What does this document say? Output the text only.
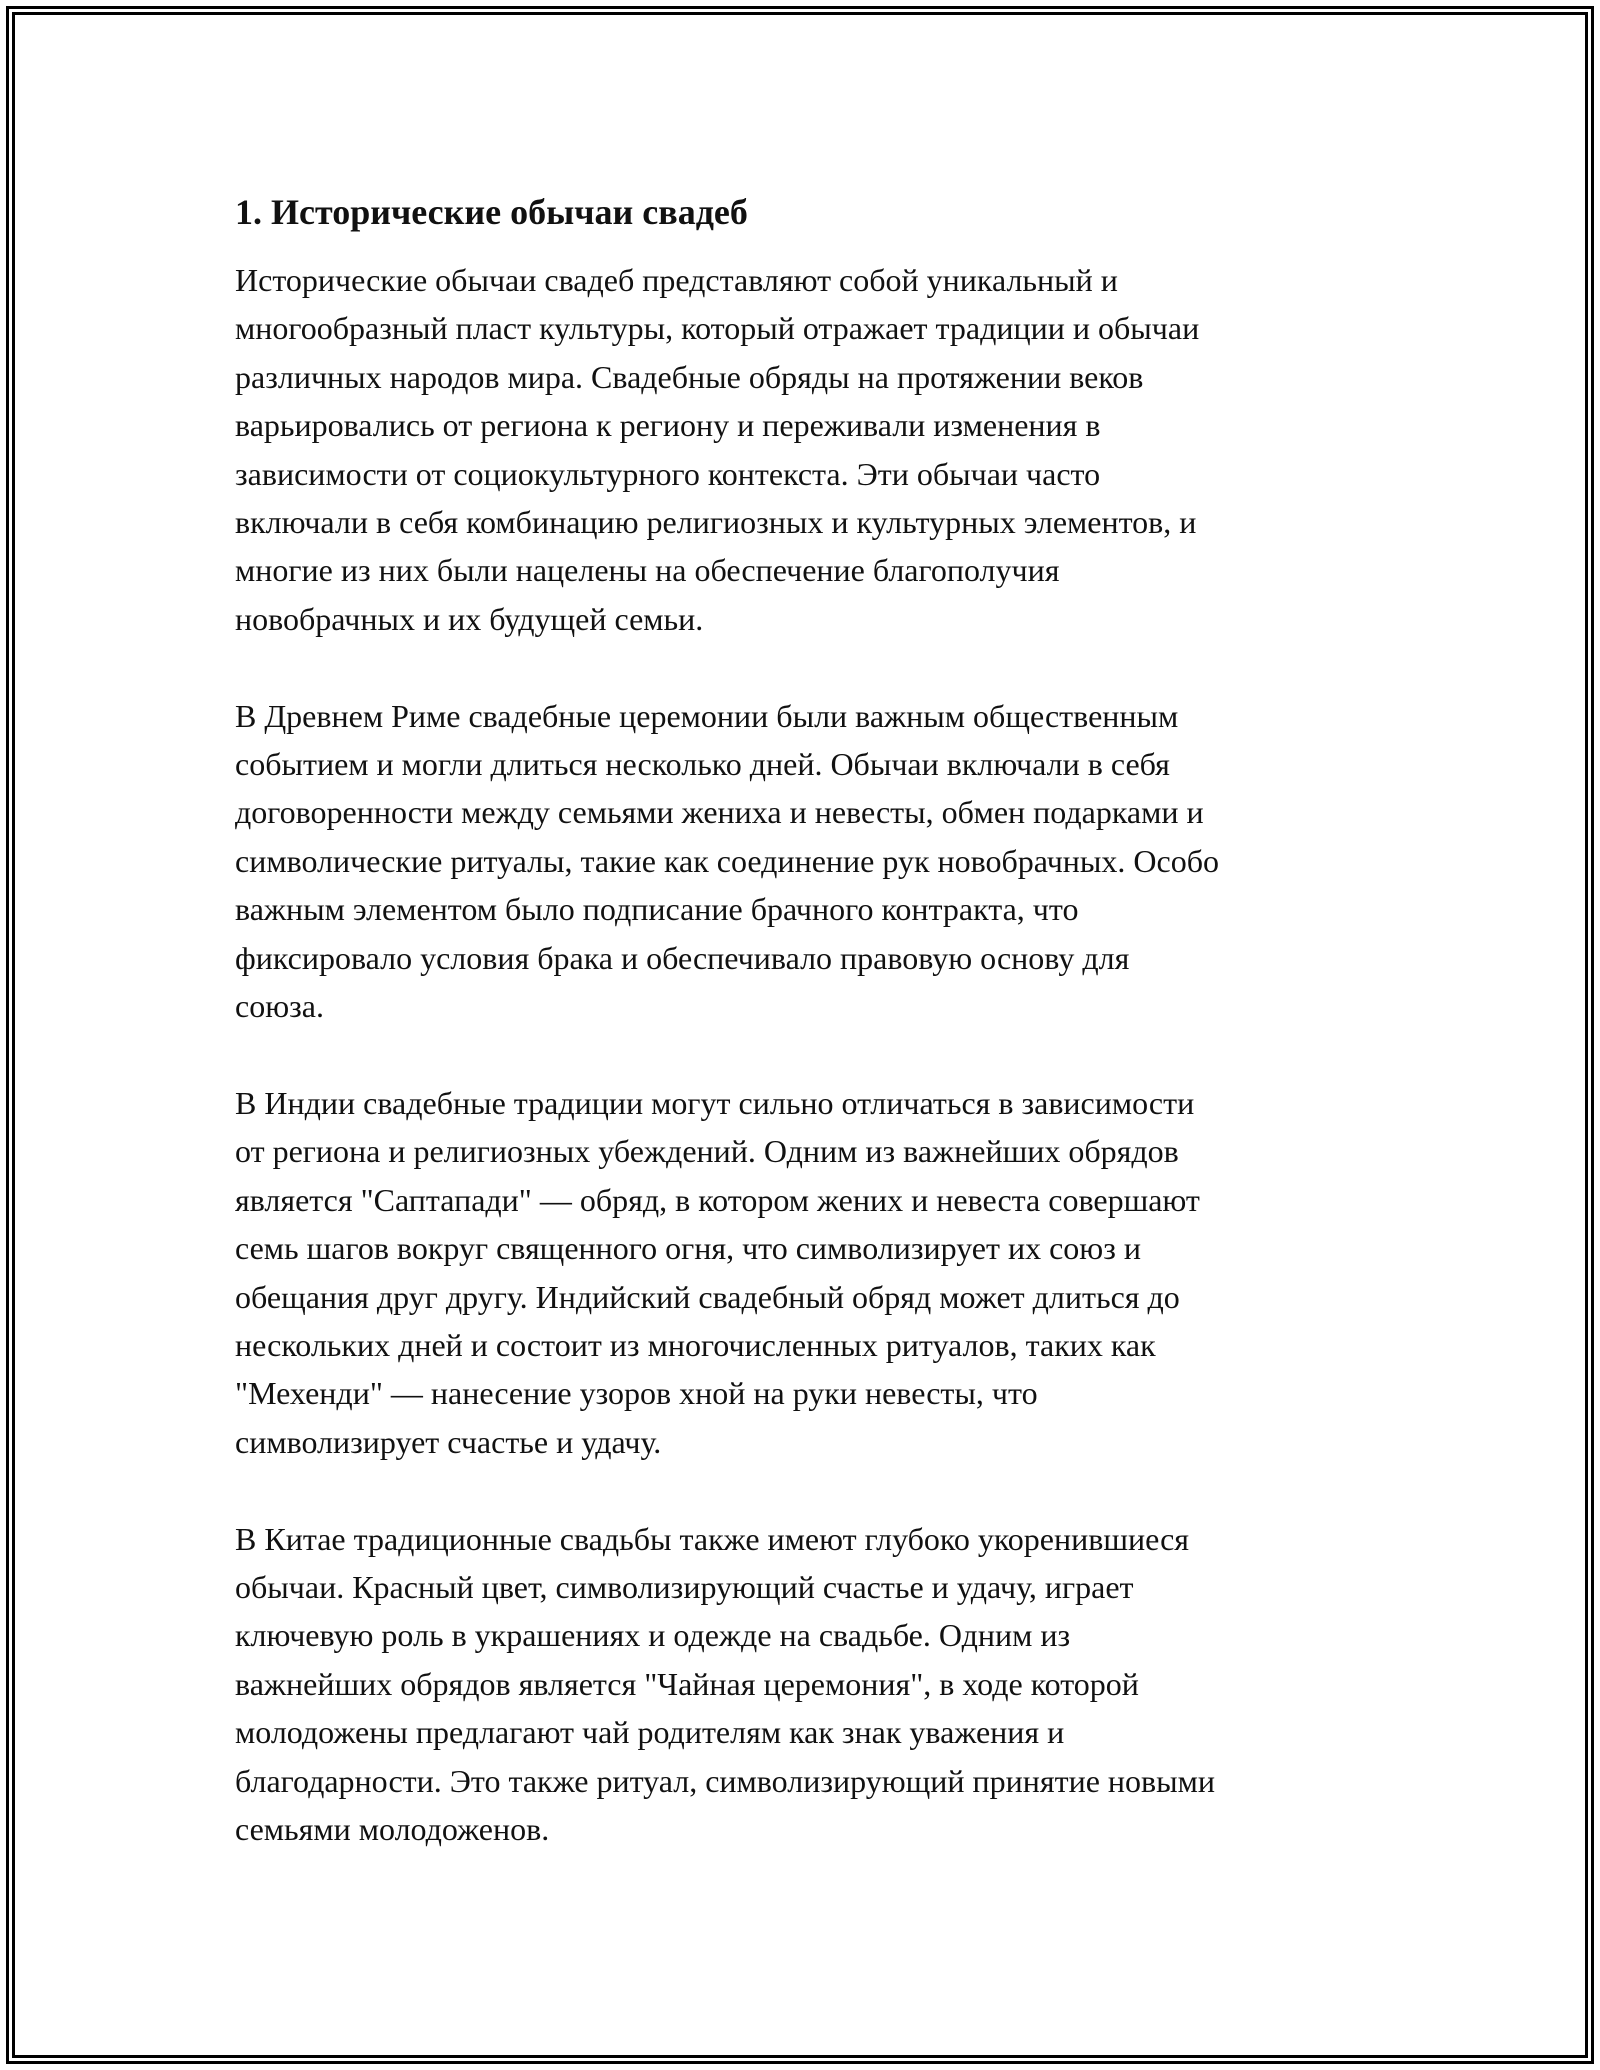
1. Исторические обычаи свадеб

Исторические обычаи свадеб представляют собой уникальный и
многообразный пласт культуры, который отражает традиции и обычаи
различных народов мира. Свадебные обряды на протяжении веков
варьировались от региона к региону и переживали изменения в
зависимости от социокультурного контекста. Эти обычаи часто
включали в себя комбинацию религиозных и культурных элементов, и
многие из них были нацелены на обеспечение благополучия
новобрачных и их будущей семьи.

В Древнем Риме свадебные церемонии были важным общественным
событием и могли длиться несколько дней. Обычаи включали в себя
договоренности между семьями жениха и невесты, обмен подарками и
символические ритуалы, такие как соединение рук новобрачных. Особо
важным элементом было подписание брачного контракта, что
фиксировало условия брака и обеспечивало правовую основу для
союза.

В Индии свадебные традиции могут сильно отличаться в зависимости
от региона и религиозных убеждений. Одним из важнейших обрядов
является "Саптапади" — обряд, в котором жених и невеста совершают
семь шагов вокруг священного огня, что символизирует их союз и
обещания друг другу. Индийский свадебный обряд может длиться до
нескольких дней и состоит из многочисленных ритуалов, таких как
"Мехенди" — нанесение узоров хной на руки невесты, что
символизирует счастье и удачу.

В Китае традиционные свадьбы также имеют глубоко укоренившиеся
обычаи. Красный цвет, символизирующий счастье и удачу, играет
ключевую роль в украшениях и одежде на свадьбе. Одним из
важнейших обрядов является "Чайная церемония", в ходе которой
молодожены предлагают чай родителям как знак уважения и
благодарности. Это также ритуал, символизирующий принятие новыми
семьями молодоженов.
